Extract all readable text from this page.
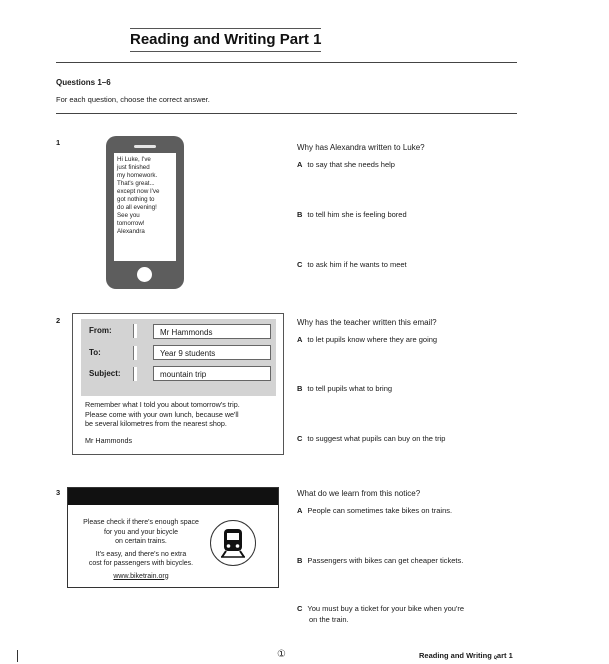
Reading and Writing Part 1
Questions 1–6
For each question, choose the correct answer.
1
Hi Luke, I've
just finished
my homework.
That's great...
except now I've
got nothing to
do all evening!
See you
tomorrow!
Alexandra
Why has Alexandra written to Luke?
A to say that she needs help
B to tell him she is feeling bored
C to ask him if he wants to meet
2
From:	Mr Hammonds
To:	Year 9 students
Subject:	mountain trip
Remember what I told you about tomorrow's trip.
Please come with your own lunch, because we'll
be several kilometres from the nearest shop.
Mr Hammonds
Why has the teacher written this email?
A to let pupils know where they are going
B to tell pupils what to bring
C to suggest what pupils can buy on the trip
3
Please check if there's enough space
for you and your bicycle
on certain trains.
It's easy, and there's no extra
cost for passengers with bicycles.
www.biketrain.org
What do we learn from this notice?
A People can sometimes take bikes on trains.
B Passengers with bikes can get cheaper tickets.
C You must buy a ticket for your bike when you're
on the train.
①	Reading and Writing ᵨart 1
